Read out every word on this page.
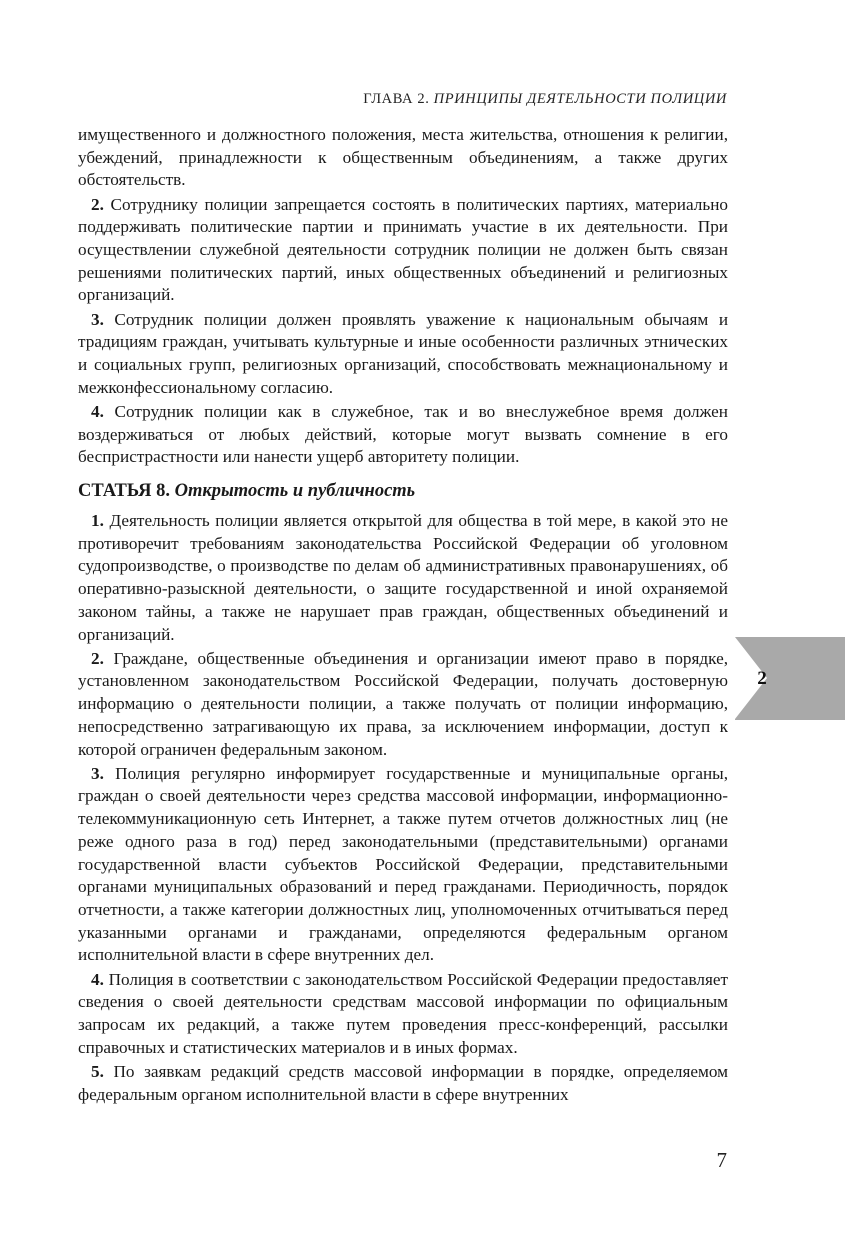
ГЛАВА 2. ПРИНЦИПЫ ДЕЯТЕЛЬНОСТИ ПОЛИЦИИ

имущественного и должностного положения, места жительства, отношения к религии, убеждений, принадлежности к общественным объединениям, а также других обстоятельств.

2. Сотруднику полиции запрещается состоять в политических партиях, материально поддерживать политические партии и принимать участие в их деятельности. При осуществлении служебной деятельности сотрудник полиции не должен быть связан решениями политических партий, иных общественных объединений и религиозных организаций.

3. Сотрудник полиции должен проявлять уважение к национальным обычаям и традициям граждан, учитывать культурные и иные особенности различных этнических и социальных групп, религиозных организаций, способствовать межнациональному и межконфессиональному согласию.

4. Сотрудник полиции как в служебное, так и во внеслужебное время должен воздерживаться от любых действий, которые могут вызвать сомнение в его беспристрастности или нанести ущерб авторитету полиции.

СТАТЬЯ 8. Открытость и публичность

1. Деятельность полиции является открытой для общества в той мере, в какой это не противоречит требованиям законодательства Российской Федерации об уголовном судопроизводстве, о производстве по делам об административных правонарушениях, об оперативно-разыскной деятельности, о защите государственной и иной охраняемой законом тайны, а также не нарушает прав граждан, общественных объединений и организаций.

2. Граждане, общественные объединения и организации имеют право в порядке, установленном законодательством Российской Федерации, получать достоверную информацию о деятельности полиции, а также получать от полиции информацию, непосредственно затрагивающую их права, за исключением информации, доступ к которой ограничен федеральным законом.

3. Полиция регулярно информирует государственные и муниципальные органы, граждан о своей деятельности через средства массовой информации, информационно-телекоммуникационную сеть Интернет, а также путем отчетов должностных лиц (не реже одного раза в год) перед законодательными (представительными) органами государственной власти субъектов Российской Федерации, представительными органами муниципальных образований и перед гражданами. Периодичность, порядок отчетности, а также категории должностных лиц, уполномоченных отчитываться перед указанными органами и гражданами, определяются федеральным органом исполнительной власти в сфере внутренних дел.

4. Полиция в соответствии с законодательством Российской Федерации предоставляет сведения о своей деятельности средствам массовой информации по официальным запросам их редакций, а также путем проведения пресс-конференций, рассылки справочных и статистических материалов и в иных формах.

5. По заявкам редакций средств массовой информации в порядке, определяемом федеральным органом исполнительной власти в сфере внутренних

2
7
